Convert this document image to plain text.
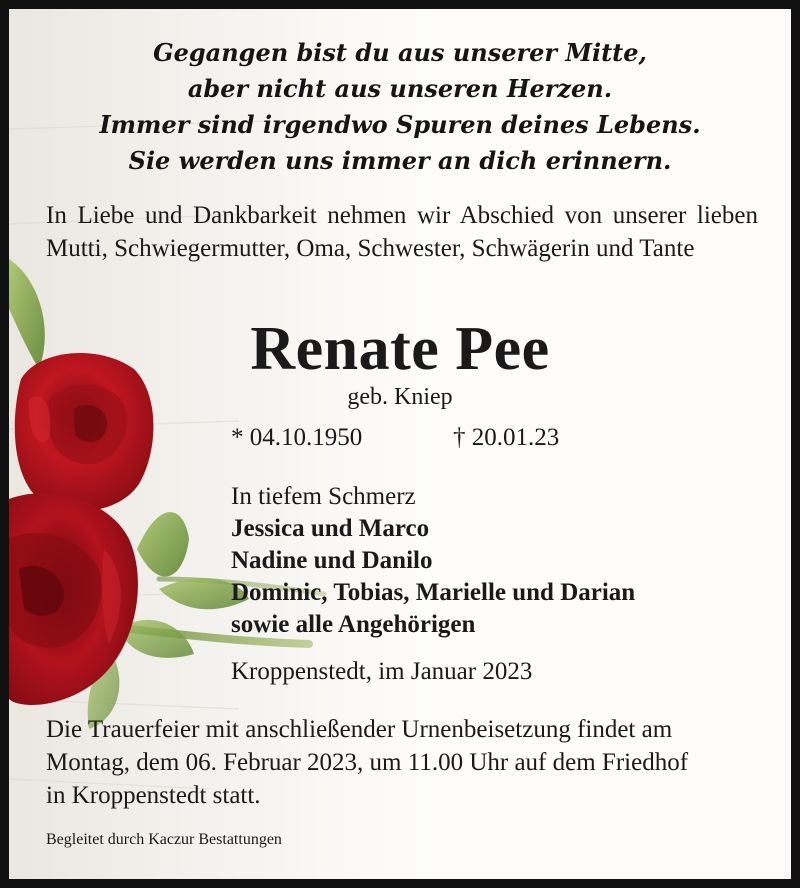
Gegangen bist du aus unserer Mitte,
aber nicht aus unseren Herzen.
Immer sind irgendwo Spuren deines Lebens.
Sie werden uns immer an dich erinnern.
In Liebe und Dankbarkeit nehmen wir Abschied von unserer lieben Mutti, Schwiegermutter, Oma, Schwester, Schwägerin und Tante
Renate Pee
geb. Kniep
* 04.10.1950	† 20.01.23
In tiefem Schmerz
Jessica und Marco
Nadine und Danilo
Dominic, Tobias, Marielle und Darian
sowie alle Angehörigen
Kroppenstedt, im Januar 2023
Die Trauerfeier mit anschließender Urnenbeisetzung findet am
Montag, dem 06. Februar 2023, um 11.00 Uhr auf dem Friedhof
in Kroppenstedt statt.
Begleitet durch Kaczur Bestattungen
